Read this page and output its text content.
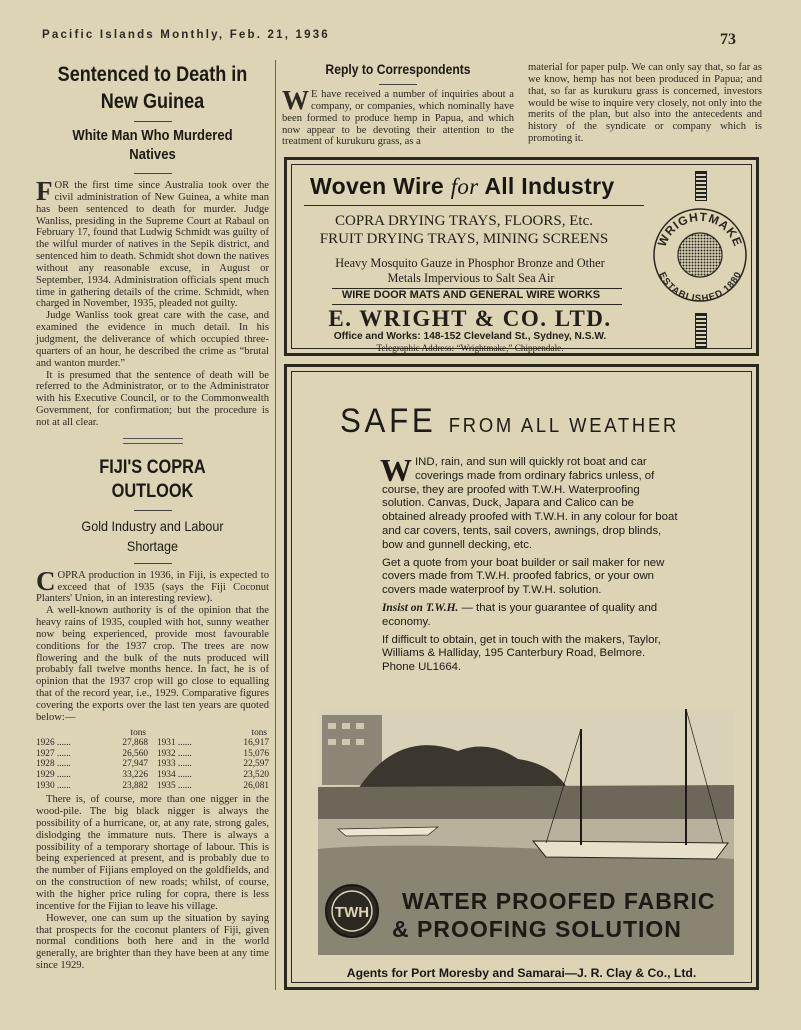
Pacific Islands Monthly, Feb. 21, 1936	73
Sentenced to Death in
New Guinea
White Man Who Murdered
Natives

FOR the first time since Australia took over the civil administration of New Guinea, a white man has been sentenced to death for murder. Judge Wanliss, presiding in the Supreme Court at Rabaul on February 17, found that Ludwig Schmidt was guilty of the wilful murder of natives in the Sepik district, and sentenced him to death. Schmidt shot down the natives without any reasonable excuse, in August or September, 1934. Administration officials spent much time in gathering details of the crime. Schmidt, when charged in November, 1935, pleaded not guilty.

Judge Wanliss took great care with the case, and examined the evidence in much detail. In his judgment, the deliverance of which occupied three-quarters of an hour, he described the crime as “brutal and wanton murder.”

It is presumed that the sentence of death will be referred to the Administrator, or to the Administrator with his Executive Council, or to the Commonwealth Government, for confirmation; but the procedure is not at all clear.

FIJI'S COPRA
OUTLOOK
Gold Industry and Labour
Shortage

COPRA production in 1936, in Fiji, is expected to exceed that of 1935 (says the Fiji Coconut Planters' Union, in an interesting review).

A well-known authority is of the opinion that the heavy rains of 1935, coupled with hot, sunny weather now being experienced, provide most favourable conditions for the 1937 crop. The trees are now flowering and the bulk of the nuts produced will probably fall twelve months hence. In fact, he is of opinion that the 1937 crop will go close to equalling that of the record year, i.e., 1929. Comparative figures covering the exports over the last ten years are quoted below:—

tons
1926 ......	27,868
1927 ......	26,560
1928 ......	27,947
1929 ......	33,226
1930 ......	23,882
tons
1931 ......	16,917
1932 ......	15,076
1933 ......	22,597
1934 ......	23,520
1935 ......	26,081

There is, of course, more than one nigger in the wood-pile. The big black nigger is always the possibility of a hurricane, or, at any rate, strong gales, dislodging the immature nuts. There is always a possibility of a temporary shortage of labour. This is being experienced at present, and is probably due to the number of Fijians employed on the goldfields, and on the construction of new roads; whilst, of course, with the higher price ruling for copra, there is less incentive for the Fijian to leave his village.

However, one can sum up the situation by saying that prospects for the coconut planters of Fiji, given normal conditions both here and in the world generally, are brighter than they have been at any time since 1929.

Reply to Correspondents

W E have received a number of inquiries about a company, or companies, which nominally have been formed to produce hemp in Papua, and which now appear to be devoting their attention to the treatment of kurukuru grass, as a

material for paper pulp. We can only say that, so far as we know, hemp has not been produced in Papua; and that, so far as kurukuru grass is concerned, investors would be wise to inquire very closely, not only into the merits of the plan, but also into the antecedents and history of the syndicate or company which is promoting it.

Woven Wire for All Industry
COPRA DRYING TRAYS, FLOORS, Etc.
FRUIT DRYING TRAYS, MINING SCREENS
Heavy Mosquito Gauze in Phosphor Bronze and Other
Metals Impervious to Salt Sea Air
WIRE DOOR MATS AND GENERAL WIRE WORKS
E. WRIGHT & CO. LTD.
Office and Works: 148-152 Cleveland St., Sydney, N.S.W.
Telegraphic Address: “Wrightmake,” Chippendale.
WRIGHTMAKE
ESTABLISHED 1880
SAFE FROM ALL WEATHER

WIND, rain, and sun will quickly rot boat and car coverings made from ordinary fabrics unless, of course, they are proofed with T.W.H. Waterproofing solution. Canvas, Duck, Japara and Calico can be obtained already proofed with T.W.H. in any colour for boat and car covers, tents, sail covers, awnings, drop blinds, bow and gunnell decking, etc.

Get a quote from your boat builder or sail maker for new covers made from T.W.H. proofed fabrics, or your own covers made waterproof by T.W.H. solution.

Insist on T.W.H. — that is your guarantee of quality and economy.

If difficult to obtain, get in touch with the makers, Taylor, Williams & Halliday, 195 Canterbury Road, Belmore. Phone UL1664.

TWH WATER PROOFED FABRIC
& PROOFING SOLUTION
Agents for Port Moresby and Samarai—J. R. Clay & Co., Ltd.
